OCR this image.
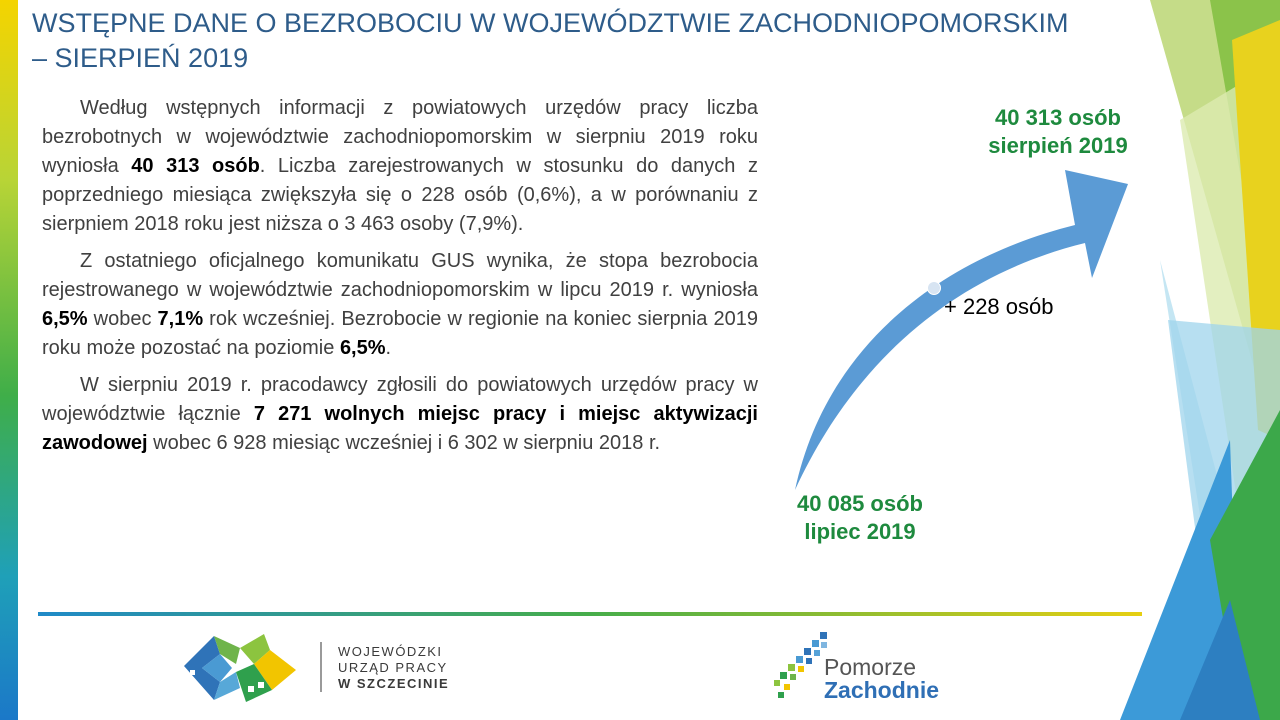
WSTĘPNE DANE O BEZROBOCIU W WOJEWÓDZTWIE ZACHODNIOPOMORSKIM
– SIERPIEŃ 2019

Według wstępnych informacji z powiatowych urzędów pracy liczba bezrobotnych w województwie zachodniopomorskim w sierpniu 2019 roku wyniosła 40 313 osób. Liczba zarejestrowanych w stosunku do danych z poprzedniego miesiąca zwiększyła się o 228 osób (0,6%), a w porównaniu z sierpniem 2018 roku jest niższa o 3 463 osoby (7,9%).

Z ostatniego oficjalnego komunikatu GUS wynika, że stopa bezrobocia rejestrowanego w województwie zachodniopomorskim w lipcu 2019 r. wyniosła 6,5% wobec 7,1% rok wcześniej. Bezrobocie w regionie na koniec sierpnia 2019 roku może pozostać na poziomie 6,5%.

W sierpniu 2019 r. pracodawcy zgłosili do powiatowych urzędów pracy w województwie łącznie 7 271 wolnych miejsc pracy i miejsc aktywizacji zawodowej wobec 6 928 miesiąc wcześniej i 6 302 w sierpniu 2018 r.

+ 228 osób
40 313 osób
sierpień 2019
40 085 osób
lipiec 2019
WOJEWÓDZKI
URZĄD PRACY
W SZCZECINIE
Pomorze
Zachodnie
